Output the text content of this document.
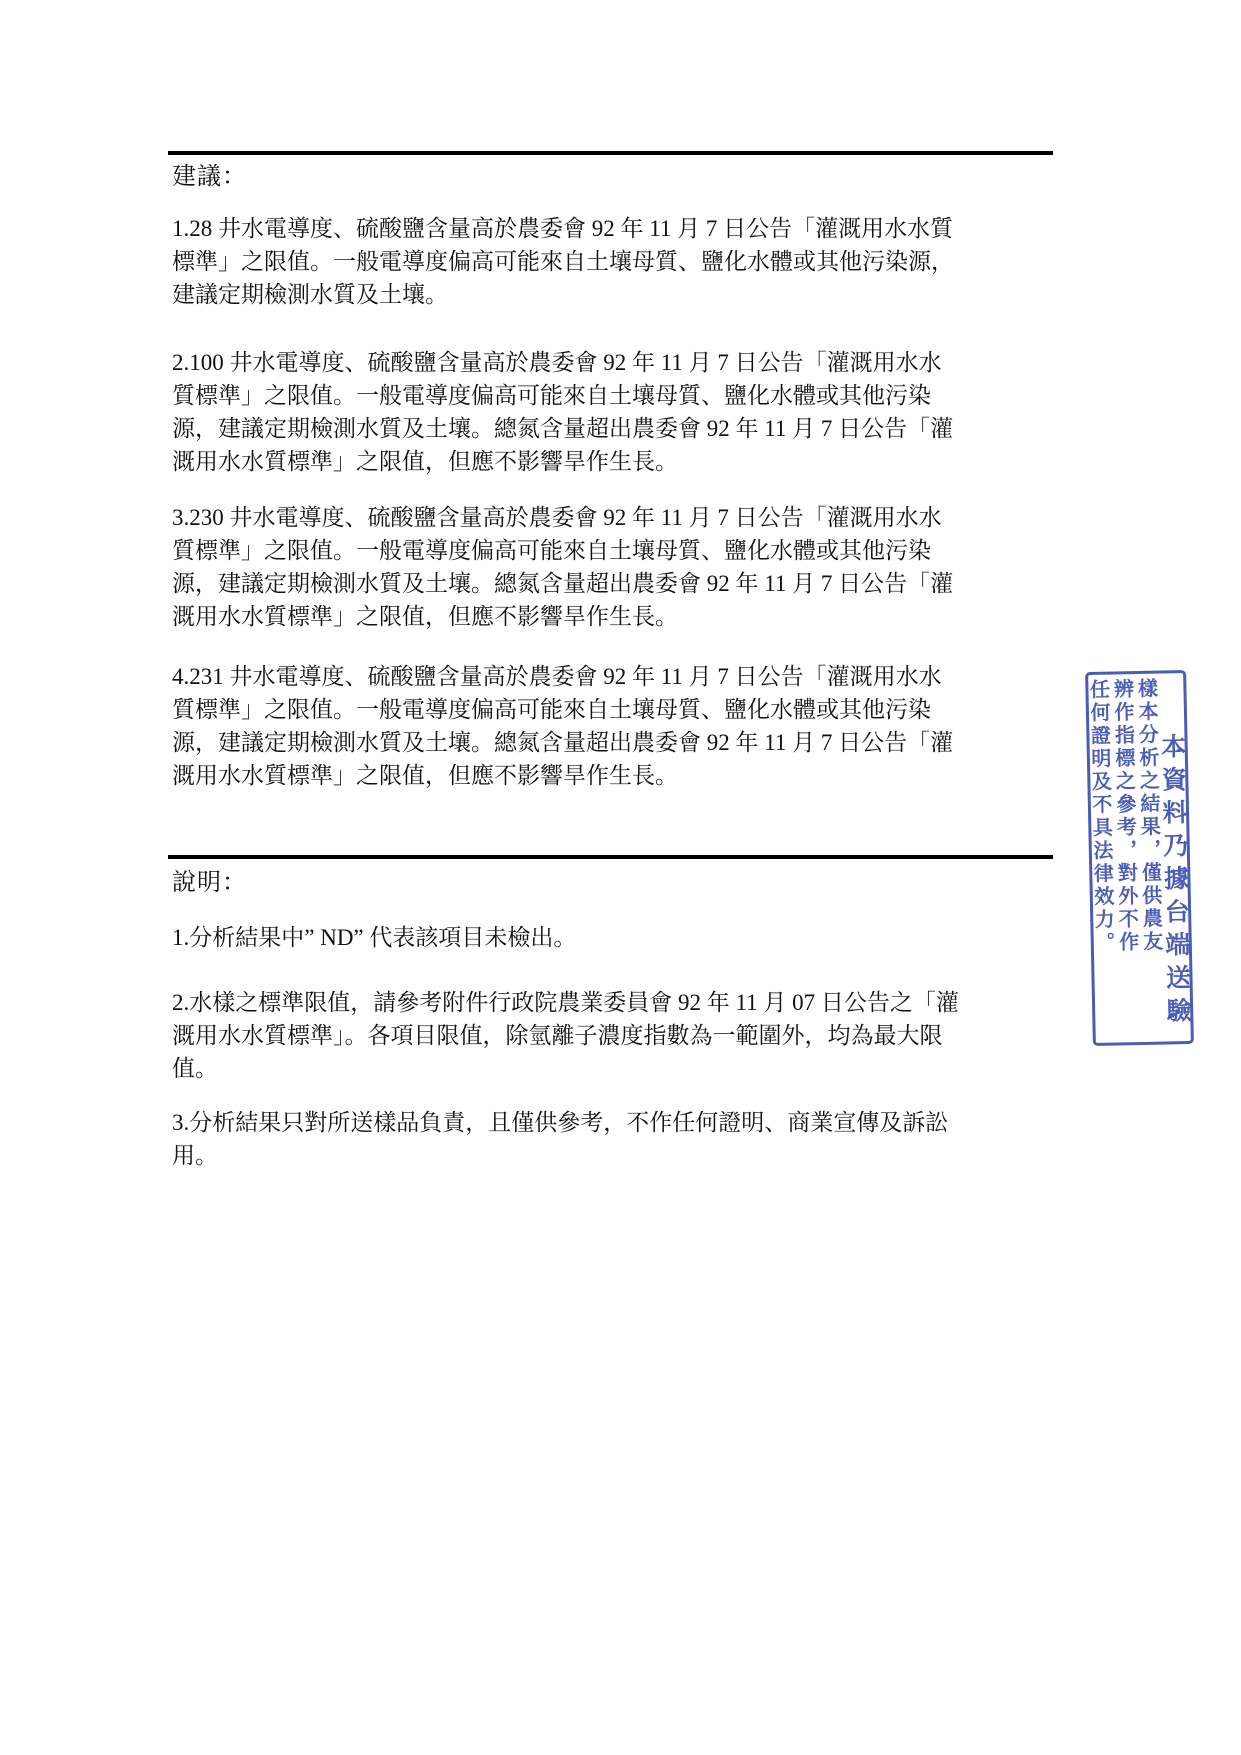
建議：
1.28 井水電導度、硫酸鹽含量高於農委會 92 年 11 月 7 日公告「灌溉用水水質標準」之限值。一般電導度偏高可能來自土壤母質、鹽化水體或其他污染源，建議定期檢測水質及土壤。
2.100 井水電導度、硫酸鹽含量高於農委會 92 年 11 月 7 日公告「灌溉用水水質標準」之限值。一般電導度偏高可能來自土壤母質、鹽化水體或其他污染源，建議定期檢測水質及土壤。總氮含量超出農委會 92 年 11 月 7 日公告「灌溉用水水質標準」之限值，但應不影響旱作生長。
3.230 井水電導度、硫酸鹽含量高於農委會 92 年 11 月 7 日公告「灌溉用水水質標準」之限值。一般電導度偏高可能來自土壤母質、鹽化水體或其他污染源，建議定期檢測水質及土壤。總氮含量超出農委會 92 年 11 月 7 日公告「灌溉用水水質標準」之限值，但應不影響旱作生長。
4.231 井水電導度、硫酸鹽含量高於農委會 92 年 11 月 7 日公告「灌溉用水水質標準」之限值。一般電導度偏高可能來自土壤母質、鹽化水體或其他污染源，建議定期檢測水質及土壤。總氮含量超出農委會 92 年 11 月 7 日公告「灌溉用水水質標準」之限值，但應不影響旱作生長。
說明：
1.分析結果中” ND” 代表該項目未檢出。
2.水樣之標準限值，請參考附件行政院農業委員會 92 年 11 月 07 日公告之「灌溉用水水質標準」。各項目限值，除氫離子濃度指數為一範圍外，均為最大限值。
3.分析結果只對所送樣品負責，且僅供參考，不作任何證明、商業宣傳及訴訟用。
本資料乃據台端送驗
樣本分析之結果，僅供農友
辨作指標之參考，對外不作
任何證明及不具法律效力。
